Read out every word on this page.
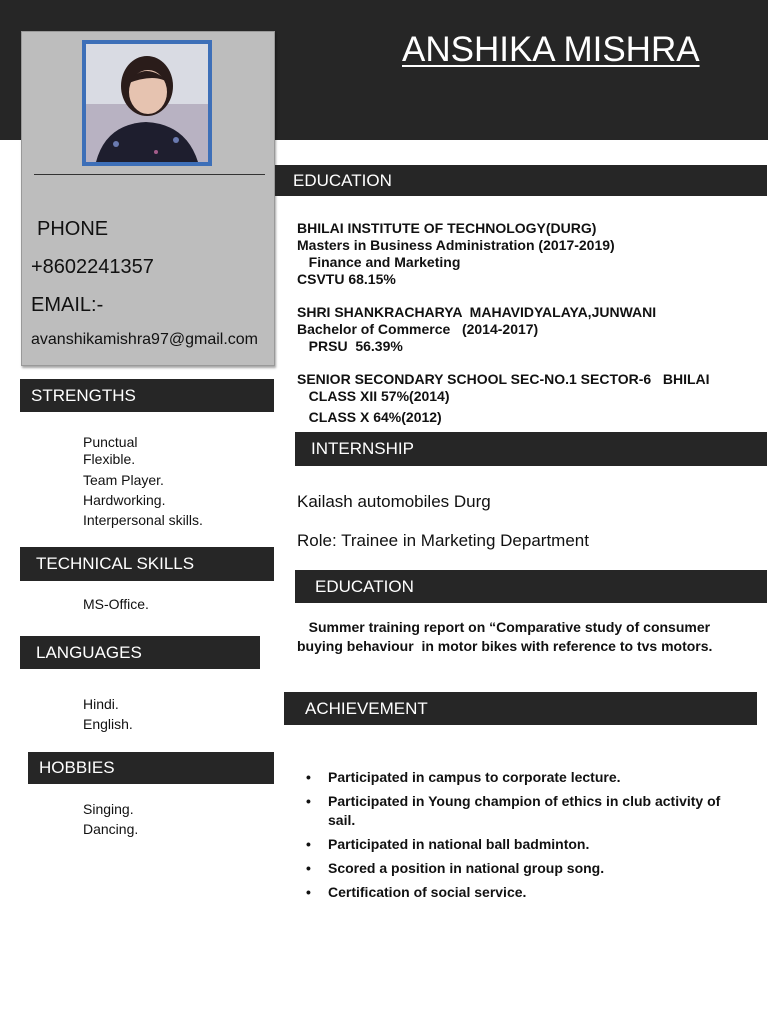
ANSHIKA MISHRA
PHONE
+8602241357
EMAIL:-
avanshikamishra97@gmail.com
STRENGTHS
Punctual
Flexible.
Team Player.
Hardworking.
Interpersonal skills.
TECHNICAL SKILLS
MS-Office.
LANGUAGES
Hindi.
English.
HOBBIES
Singing.
Dancing.
EDUCATION
BHILAI INSTITUTE OF TECHNOLOGY(DURG)
Masters in Business Administration (2017-2019)
Finance and Marketing
CSVTU 68.15%
SHRI SHANKRACHARYA  MAHAVIDYALAYA,JUNWANI
Bachelor of Commerce   (2014-2017)
PRSU  56.39%
SENIOR SECONDARY SCHOOL SEC-NO.1 SECTOR-6   BHILAI
CLASS XII 57%(2014)
CLASS X 64%(2012)
INTERNSHIP
Kailash automobiles Durg
Role: Trainee in Marketing Department
EDUCATION
Summer training report on “Comparative study of consumer
buying behaviour  in motor bikes with reference to tvs motors.
ACHIEVEMENT
• Participated in campus to corporate lecture.
• Participated in Young champion of ethics in club activity of sail.
• Participated in national ball badminton.
• Scored a position in national group song.
• Certification of social service.
